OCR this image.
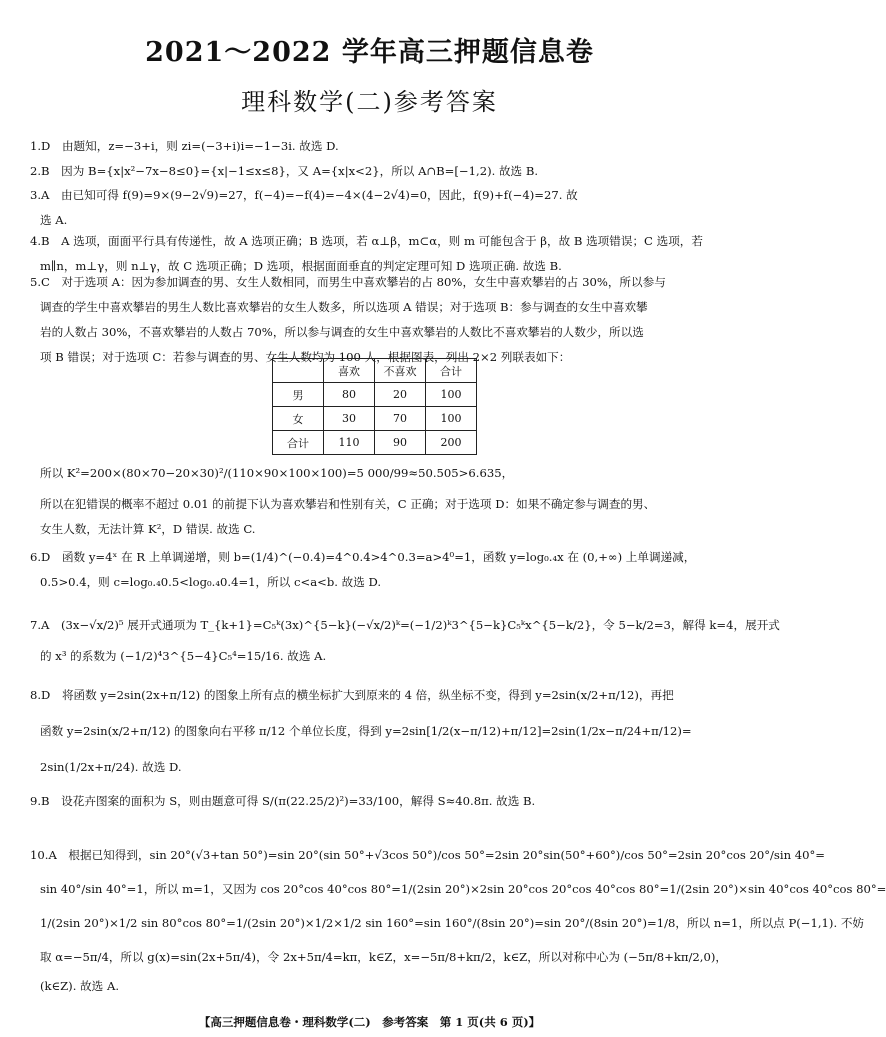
2021～2022 学年高三押题信息卷
理科数学(二)参考答案
1.D　由题知，z=−3+i，则 zi=(−3+i)i=−1−3i. 故选 D.
2.B　因为 B={x|x²−7x−8≤0}={x|−1≤x≤8}，又 A={x|x<2}，所以 A∩B=[−1,2). 故选 B.
3.A　由已知可得 f(9)=9×(9−2√9)=27，f(−4)=−f(4)=−4×(4−2√4)=0，因此，f(9)+f(−4)=27. 故
选 A.
4.B　A 选项，面面平行具有传递性，故 A 选项正确；B 选项，若 α⊥β，m⊂α，则 m 可能包含于 β，故 B 选项错误；C 选项，若
m∥n，m⊥γ，则 n⊥γ，故 C 选项正确；D 选项，根据面面垂直的判定定理可知 D 选项正确. 故选 B.
5.C　对于选项 A：因为参加调查的男、女生人数相同，而男生中喜欢攀岩的占 80%，女生中喜欢攀岩的占 30%，所以参与
调查的学生中喜欢攀岩的男生人数比喜欢攀岩的女生人数多，所以选项 A 错误；对于选项 B：参与调查的女生中喜欢攀
岩的人数占 30%，不喜欢攀岩的人数占 70%，所以参与调查的女生中喜欢攀岩的人数比不喜欢攀岩的人数少，所以选
项 B 错误；对于选项 C：若参与调查的男、女生人数均为 100 人，根据图表，列出 2×2 列联表如下：
	喜欢	不喜欢	合计
男	80	20	100
女	30	70	100
合计	110	90	200
所以 K²=200×(80×70−20×30)²/(110×90×100×100)=5 000/99≈50.505>6.635，
所以在犯错误的概率不超过 0.01 的前提下认为喜欢攀岩和性别有关，C 正确；对于选项 D：如果不确定参与调查的男、
女生人数，无法计算 K²，D 错误. 故选 C.
6.D　函数 y=4ˣ 在 R 上单调递增，则 b=(1/4)^(−0.4)=4^0.4>4^0.3=a>4⁰=1，函数 y=log₀.₄x 在 (0,+∞) 上单调递减，
0.5>0.4，则 c=log₀.₄0.5<log₀.₄0.4=1，所以 c<a<b. 故选 D.
7.A　(3x−√x/2)⁵ 展开式通项为 T_{k+1}=C₅ᵏ(3x)^{5−k}(−√x/2)ᵏ=(−1/2)ᵏ3^{5−k}C₅ᵏx^{5−k/2}，令 5−k/2=3，解得 k=4，展开式
的 x³ 的系数为 (−1/2)⁴3^{5−4}C₅⁴=15/16. 故选 A.
8.D　将函数 y=2sin(2x+π/12) 的图象上所有点的横坐标扩大到原来的 4 倍，纵坐标不变，得到 y=2sin(x/2+π/12)，再把
函数 y=2sin(x/2+π/12) 的图象向右平移 π/12 个单位长度，得到 y=2sin[1/2(x−π/12)+π/12]=2sin(1/2x−π/24+π/12)=
2sin(1/2x+π/24). 故选 D.
9.B　设花卉图案的面积为 S，则由题意可得 S/(π(22.25/2)²)=33/100，解得 S≈40.8π. 故选 B.
10.A　根据已知得到，sin 20°(√3+tan 50°)=sin 20°(sin 50°+√3cos 50°)/cos 50°=2sin 20°sin(50°+60°)/cos 50°=2sin 20°cos 20°/sin 40°=
sin 40°/sin 40°=1，所以 m=1，又因为 cos 20°cos 40°cos 80°=1/(2sin 20°)×2sin 20°cos 20°cos 40°cos 80°=1/(2sin 20°)×sin 40°cos 40°cos 80°=
1/(2sin 20°)×1/2 sin 80°cos 80°=1/(2sin 20°)×1/2×1/2 sin 160°=sin 160°/(8sin 20°)=sin 20°/(8sin 20°)=1/8，所以 n=1，所以点 P(−1,1). 不妨
取 α=−5π/4，所以 g(x)=sin(2x+5π/4)，令 2x+5π/4=kπ，k∈Z，x=−5π/8+kπ/2，k∈Z，所以对称中心为 (−5π/8+kπ/2,0)，
(k∈Z). 故选 A.
【高三押题信息卷・理科数学(二)　参考答案　第 1 页(共 6 页)】
